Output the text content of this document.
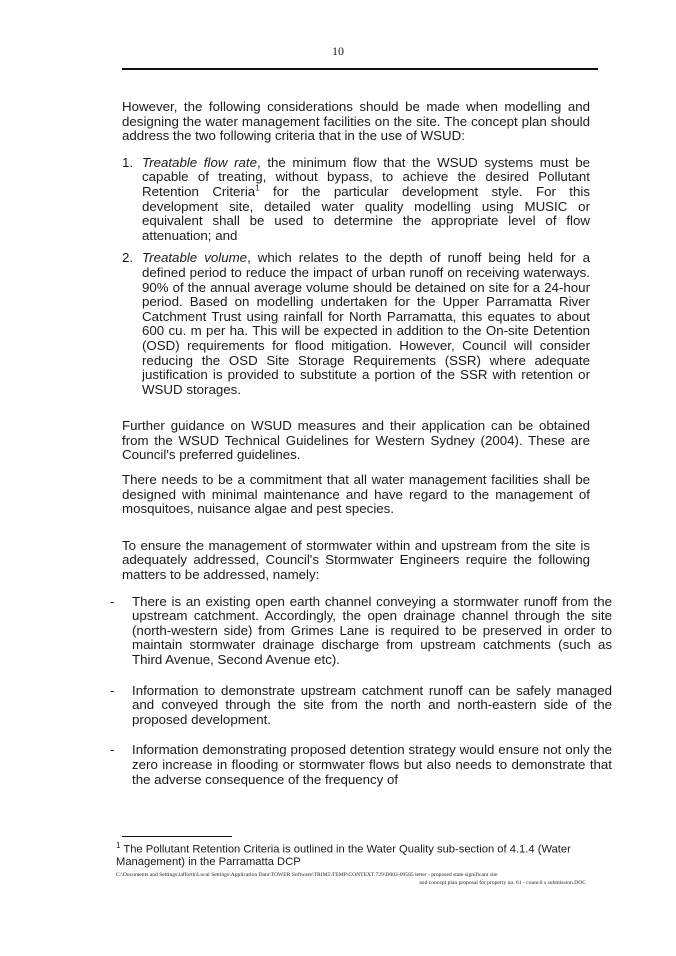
10

However, the following considerations should be made when modelling and designing the water management facilities on the site. The concept plan should address the two following criteria that in the use of WSUD:

1. Treatable flow rate, the minimum flow that the WSUD systems must be capable of treating, without bypass, to achieve the desired Pollutant Retention Criteria$^1$ for the particular development style. For this development site, detailed water quality modelling using MUSIC or equivalent shall be used to determine the appropriate level of flow attenuation; and
2. Treatable volume, which relates to the depth of runoff being held for a defined period to reduce the impact of urban runoff on receiving waterways. 90% of the annual average volume should be detained on site for a 24-hour period. Based on modelling undertaken for the Upper Parramatta River Catchment Trust using rainfall for North Parramatta, this equates to about 600 cu. m per ha. This will be expected in addition to the On-site Detention (OSD) requirements for flood mitigation. However, Council will consider reducing the OSD Site Storage Requirements (SSR) where adequate justification is provided to substitute a portion of the SSR with retention or WSUD storages.

Further guidance on WSUD measures and their application can be obtained from the WSUD Technical Guidelines for Western Sydney (2004). These are Council's preferred guidelines.

There needs to be a commitment that all water management facilities shall be designed with minimal maintenance and have regard to the management of mosquitoes, nuisance algae and pest species.

To ensure the management of stormwater within and upstream from the site is adequately addressed, Council's Stormwater Engineers require the following matters to be addressed, namely:

- There is an existing open earth channel conveying a stormwater runoff from the upstream catchment. Accordingly, the open drainage channel through the site (north-western side) from Grimes Lane is required to be preserved in order to maintain stormwater drainage discharge from upstream catchments (such as Third Avenue, Second Avenue etc).
- Information to demonstrate upstream catchment runoff can be safely managed and conveyed through the site from the north and north-eastern side of the proposed development.
- Information demonstrating proposed detention strategy would ensure not only the zero increase in flooding or stormwater flows but also needs to demonstrate that the adverse consequence of the frequency of
$^1$ The Pollutant Retention Criteria is outlined in the Water Quality sub-section of 4.1.4 (Water Management) in the Parramatta DCP
C:\Documents and Settings\lafforth\Local Settings\Application Data\TOWER Software\TRIM5\TEMP\CONTEXT.729\D003-09585 letter - proposed state significant site
and concept plan proposal for property no. 61 - council s submission.DOC
